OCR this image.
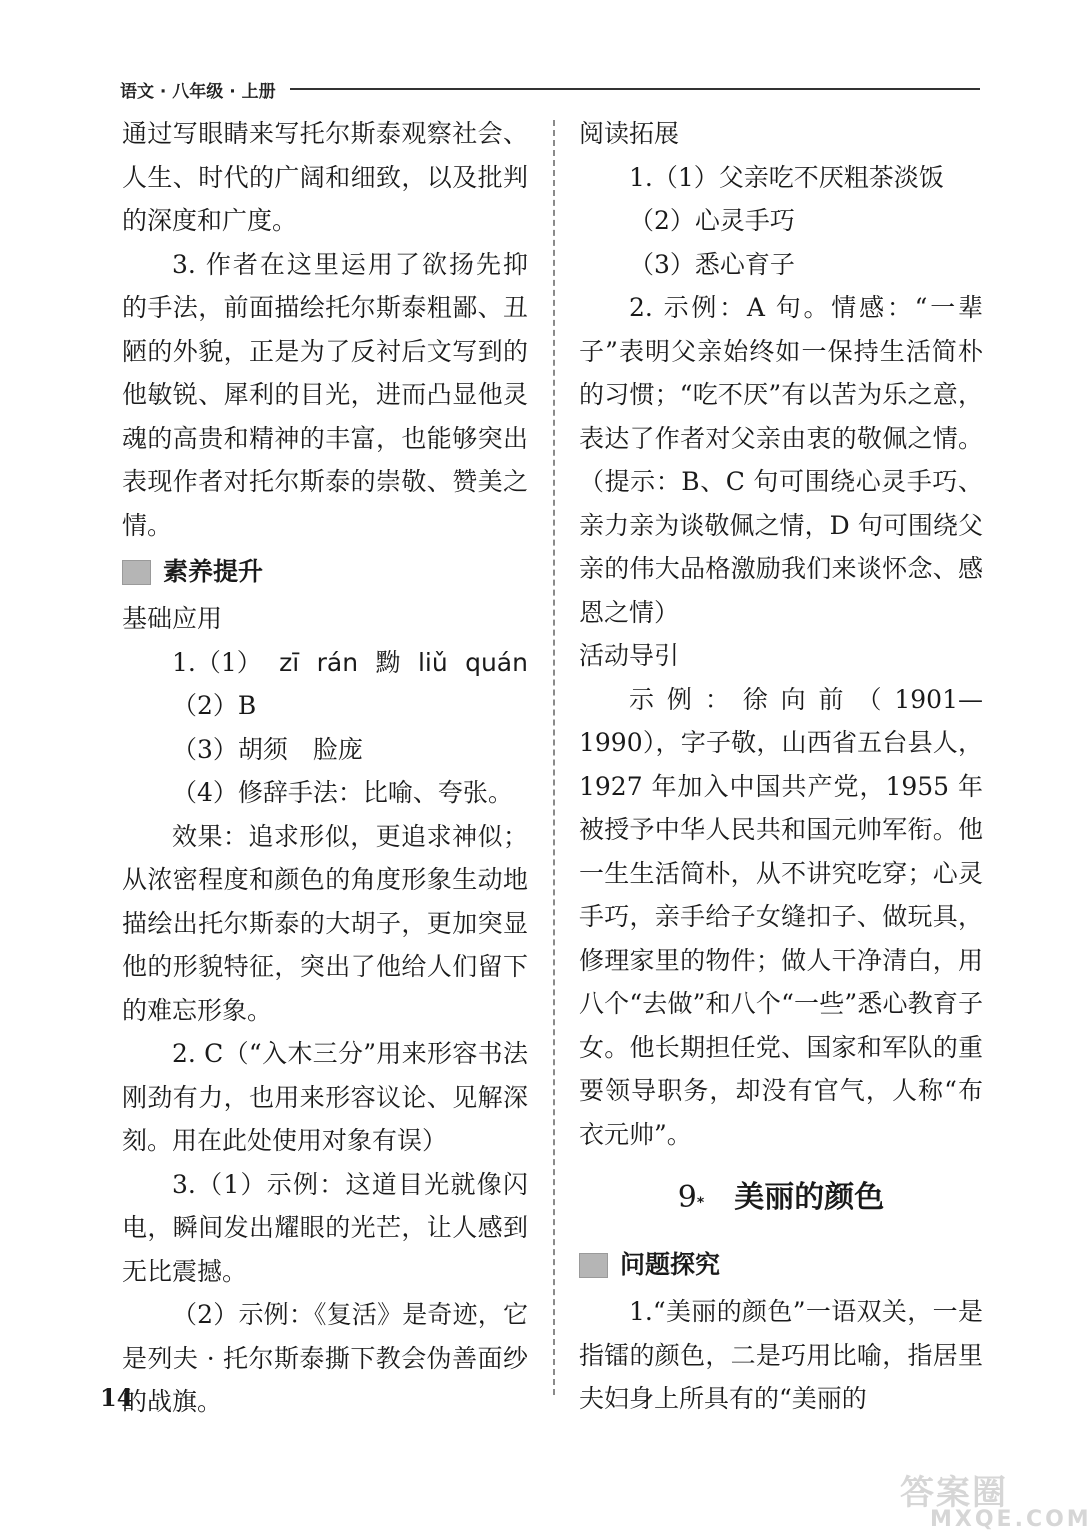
语文 · 八年级 · 上册

通过写眼睛来写托尔斯泰观察社会、人生、时代的广阔和细致，以及批判的深度和广度。

3. 作者在这里运用了欲扬先抑的手法，前面描绘托尔斯泰粗鄙、丑陋的外貌，正是为了反衬后文写到的他敏锐、犀利的目光，进而凸显他灵魂的高贵和精神的丰富，也能够突出表现作者对托尔斯泰的崇敬、赞美之情。

素养提升

基础应用

1.（1） zī rán 黝 liǔ quán

（2）B

（3）胡须　脸庞

（4）修辞手法：比喻、夸张。

效果：追求形似，更追求神似；从浓密程度和颜色的角度形象生动地描绘出托尔斯泰的大胡子，更加突显他的形貌特征，突出了他给人们留下的难忘形象。

2. C（“入木三分”用来形容书法刚劲有力，也用来形容议论、见解深刻。用在此处使用对象有误）

3.（1）示例：这道目光就像闪电，瞬间发出耀眼的光芒，让人感到无比震撼。

（2）示例：《复活》是奇迹，它是列夫 · 托尔斯泰撕下教会伪善面纱的战旗。

阅读拓展

1.（1）父亲吃不厌粗茶淡饭

（2）心灵手巧

（3）悉心育子

2. 示例：A 句。情感：“一辈子”表明父亲始终如一保持生活简朴的习惯；“吃不厌”有以苦为乐之意，表达了作者对父亲由衷的敬佩之情。（提示：B、C 句可围绕心灵手巧、亲力亲为谈敬佩之情，D 句可围绕父亲的伟大品格激励我们来谈怀念、感恩之情）

活动导引

示例：徐向前（1901—1990），字子敬，山西省五台县人，1927 年加入中国共产党，1955 年被授予中华人民共和国元帅军衔。他一生生活简朴，从不讲究吃穿；心灵手巧，亲手给子女缝扣子、做玩具，修理家里的物件；做人干净清白，用八个“去做”和八个“一些”悉心教育子女。他长期担任党、国家和军队的重要领导职务，却没有官气，人称“布衣元帅”。

9 * 美丽的颜色
问题探究

1.“美丽的颜色”一语双关，一是指镭的颜色，二是巧用比喻，指居里夫妇身上所具有的“美丽的

14
答案圈
MXQE.COM
